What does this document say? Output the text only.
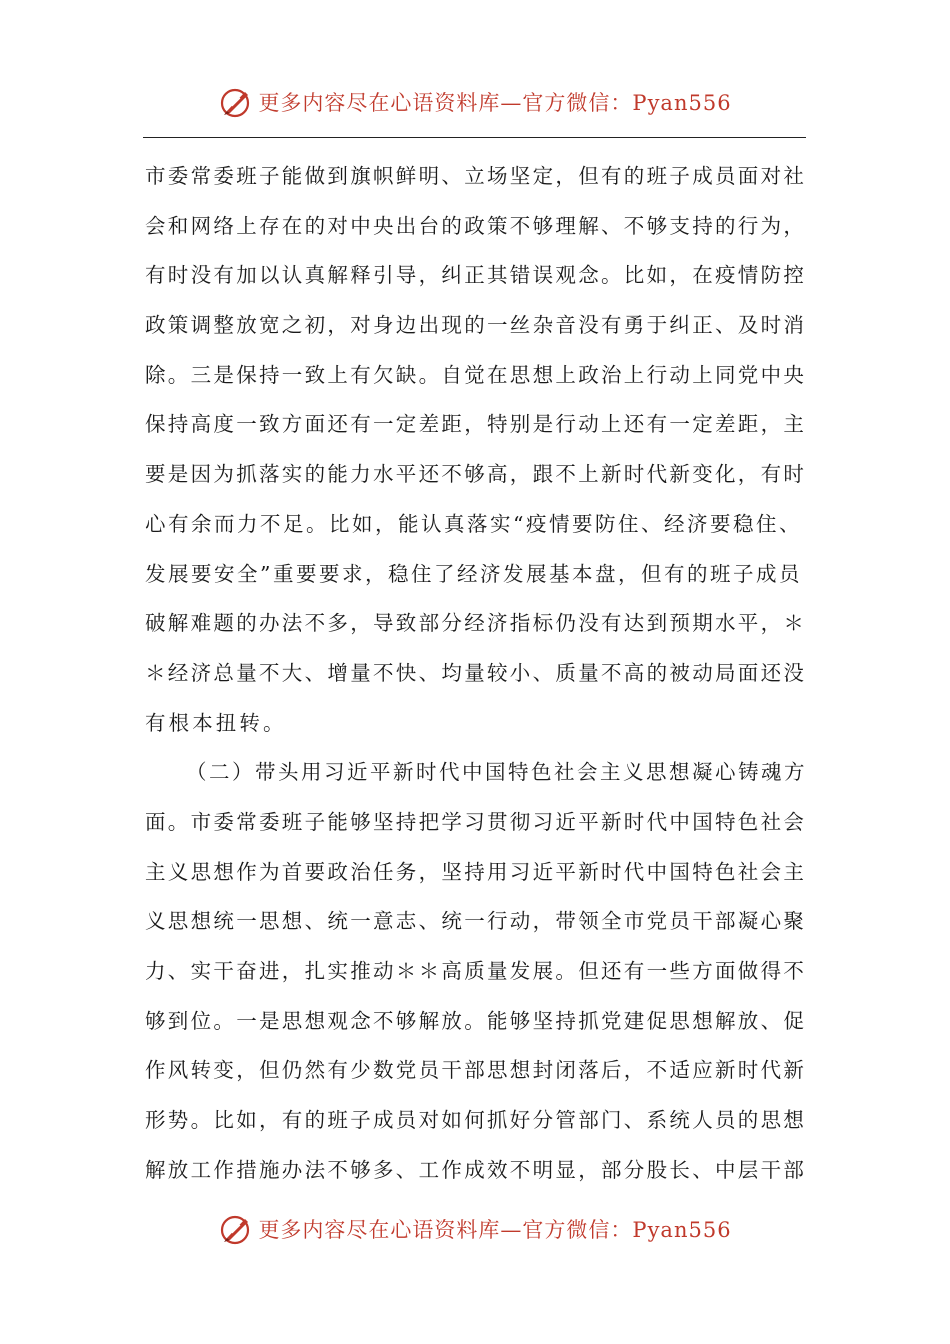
更多内容尽在心语资料库—官方微信：Pyan556
市委常委班子能做到旗帜鲜明、立场坚定，但有的班子成员面对社
会和网络上存在的对中央出台的政策不够理解、不够支持的行为，
有时没有加以认真解释引导，纠正其错误观念。比如，在疫情防控
政策调整放宽之初，对身边出现的一丝杂音没有勇于纠正、及时消
除。三是保持一致上有欠缺。自觉在思想上政治上行动上同党中央
保持高度一致方面还有一定差距，特别是行动上还有一定差距，主
要是因为抓落实的能力水平还不够高，跟不上新时代新变化，有时
心有余而力不足。比如，能认真落实“疫情要防住、经济要稳住、
发展要安全”重要要求，稳住了经济发展基本盘，但有的班子成员
破解难题的办法不多，导致部分经济指标仍没有达到预期水平，＊
＊经济总量不大、增量不快、均量较小、质量不高的被动局面还没
有根本扭转。
（二）带头用习近平新时代中国特色社会主义思想凝心铸魂方
面。市委常委班子能够坚持把学习贯彻习近平新时代中国特色社会
主义思想作为首要政治任务，坚持用习近平新时代中国特色社会主
义思想统一思想、统一意志、统一行动，带领全市党员干部凝心聚
力、实干奋进，扎实推动＊＊高质量发展。但还有一些方面做得不
够到位。一是思想观念不够解放。能够坚持抓党建促思想解放、促
作风转变，但仍然有少数党员干部思想封闭落后，不适应新时代新
形势。比如，有的班子成员对如何抓好分管部门、系统人员的思想
解放工作措施办法不够多、工作成效不明显，部分股长、中层干部
更多内容尽在心语资料库—官方微信：Pyan556
